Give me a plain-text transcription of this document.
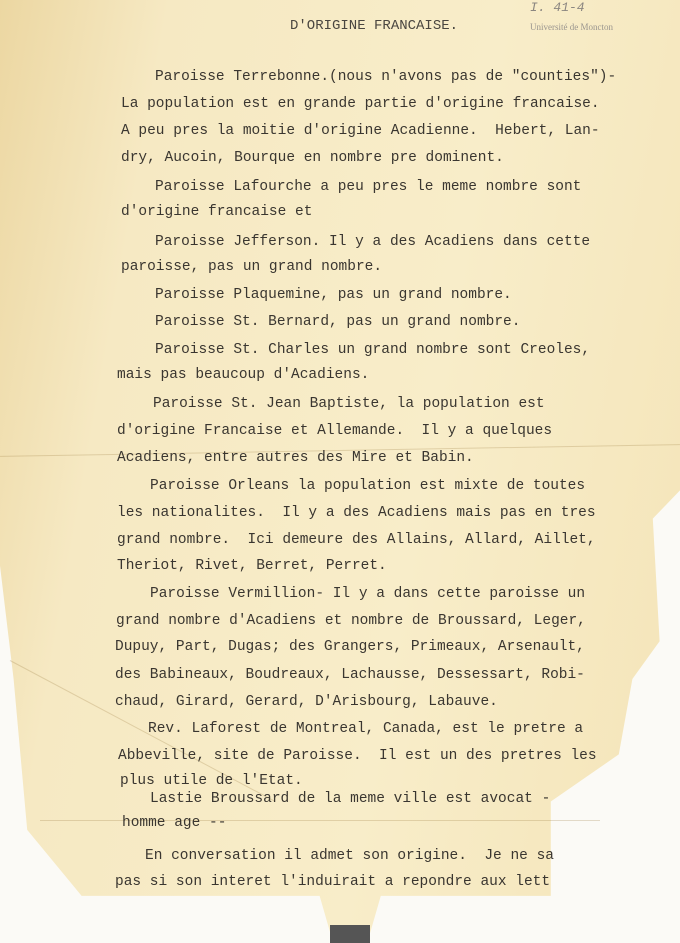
I. 41-4
Université de Moncton
D'ORIGINE FRANCAISE.
Paroisse Terrebonne.(nous n'avons pas de "counties")-
La population est en grande partie d'origine francaise.
A peu pres la moitie d'origine Acadienne.  Hebert, Lan-
dry, Aucoin, Bourque en nombre pre dominent.
Paroisse Lafourche a peu pres le meme nombre sont
d'origine francaise et
Paroisse Jefferson. Il y a des Acadiens dans cette
paroisse, pas un grand nombre.
Paroisse Plaquemine, pas un grand nombre.
Paroisse St. Bernard, pas un grand nombre.
Paroisse St. Charles un grand nombre sont Creoles,
mais pas beaucoup d'Acadiens.
Paroisse St. Jean Baptiste, la population est
d'origine Francaise et Allemande.  Il y a quelques
Acadiens, entre autres des Mire et Babin.
Paroisse Orleans la population est mixte de toutes
les nationalites.  Il y a des Acadiens mais pas en tres
grand nombre.  Ici demeure des Allains, Allard, Aillet,
Theriot, Rivet, Berret, Perret.
Paroisse Vermillion- Il y a dans cette paroisse un
grand nombre d'Acadiens et nombre de Broussard, Leger,
Dupuy, Part, Dugas; des Grangers, Primeaux, Arsenault,
des Babineaux, Boudreaux, Lachausse, Dessessart, Robi-
chaud, Girard, Gerard, D'Arisbourg, Labauve.
Rev. Laforest de Montreal, Canada, est le pretre a
Abbeville, site de Paroisse.  Il est un des pretres les
plus utile de l'Etat.
Lastie Broussard de la meme ville est avocat -
homme age --
En conversation il admet son origine.  Je ne sa
pas si son interet l'induirait a repondre aux lett
